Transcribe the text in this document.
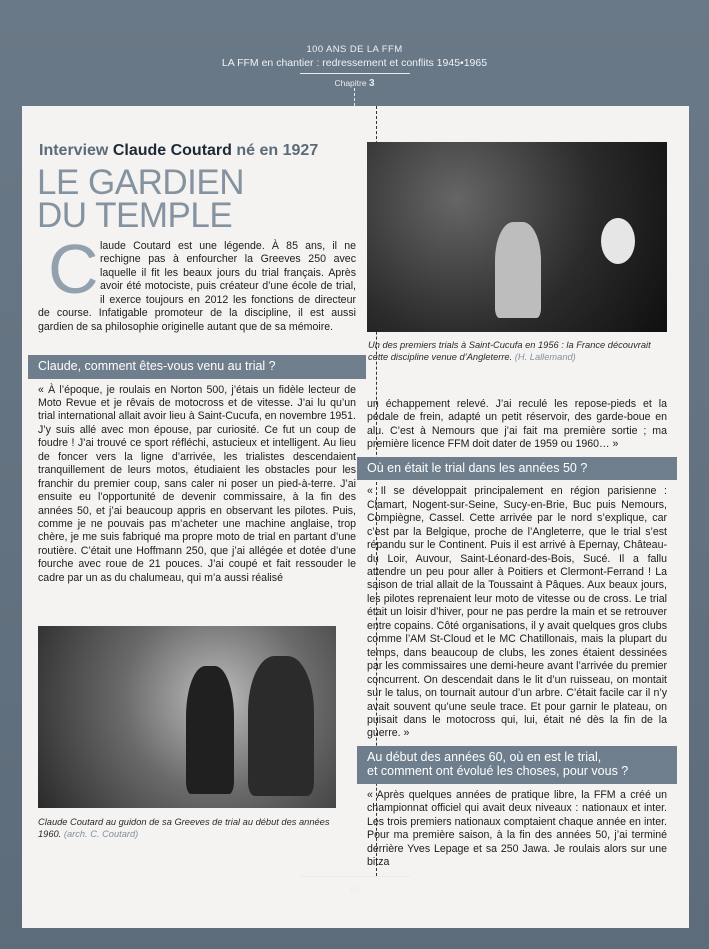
100 ANS DE LA FFM
LA FFM en chantier : redressement et conflits 1945•1965
Chapitre 3
Interview Claude Coutard né en 1927
LE GARDIEN
DU TEMPLE
C laude Coutard est une légende. À 85 ans, il ne rechigne pas à enfourcher la Greeves 250 avec laquelle il fit les beaux jours du trial français. Après avoir été motociste, puis créateur d’une école de trial, il exerce toujours en 2012 les fonctions de directeur de course. Infatigable promoteur de la discipline, il est aussi gardien de sa philosophie originelle autant que de sa mémoire.
Claude, comment êtes-vous venu au trial ?
« À l’époque, je roulais en Norton 500, j’étais un fidèle lecteur de Moto Revue et je rêvais de motocross et de vitesse. J’ai lu qu’un trial international allait avoir lieu à Saint-Cucufa, en novembre 1951. J’y suis allé avec mon épouse, par curiosité. Ce fut un coup de foudre ! J’ai trouvé ce sport réfléchi, astucieux et intelligent. Au lieu de foncer vers la ligne d’arrivée, les trialistes descendaient tranquillement de leurs motos, étudiaient les obstacles pour les franchir du premier coup, sans caler ni poser un pied-à-terre. J’ai ensuite eu l’opportunité de devenir commissaire, à la fin des années 50, et j’ai beaucoup appris en observant les pilotes. Puis, comme je ne pouvais pas m’acheter une machine anglaise, trop chère, je me suis fabriqué ma propre moto de trial en partant d’une routière. C’était une Hoffmann 250, que j’ai allégée et dotée d’une fourche avec roue de 21 pouces. J’ai coupé et fait ressouder le cadre par un as du chalumeau, qui m’a aussi réalisé
Un des premiers trials à Saint-Cucufa en 1956 : la France découvrait cette discipline venue d’Angleterre. (H. Lallemand)
Claude Coutard au guidon de sa Greeves de trial au début des années 1960. (arch. C. Coutard)
un échappement relevé. J’ai reculé les repose-pieds et la pédale de frein, adapté un petit réservoir, des garde-boue en alu. C’est à Nemours que j’ai fait ma première sortie ; ma première licence FFM doit dater de 1959 ou 1960… »
Où en était le trial dans les années 50 ?
« Il se développait principalement en région parisienne : Clamart, Nogent-sur-Seine, Sucy-en-Brie, Buc puis Nemours, Compiègne, Cassel. Cette arrivée par le nord s’explique, car c’est par la Belgique, proche de l’Angleterre, que le trial s’est répandu sur le Continent. Puis il est arrivé à Epernay, Château-du Loir, Auvour, Saint-Léonard-des-Bois, Sucé. Il a fallu attendre un peu pour aller à Poitiers et Clermont-Ferrand ! La saison de trial allait de la Toussaint à Pâques. Aux beaux jours, les pilotes reprenaient leur moto de vitesse ou de cross. Le trial était un loisir d’hiver, pour ne pas perdre la main et se retrouver entre copains. Côté organisations, il y avait quelques gros clubs comme l’AM St-Cloud et le MC Chatillonais, mais la plupart du temps, dans beaucoup de clubs, les zones étaient dessinées par les commissaires une demi-heure avant l’arrivée du premier concurrent. On descendait dans le lit d’un ruisseau, on montait sur le talus, on tournait autour d’un arbre. C’était facile car il n’y avait souvent qu’une seule trace. Et pour garnir le plateau, on puisait dans le motocross qui, lui, était né dès la fin de la guerre. »
Au début des années 60, où en est le trial,
et comment ont évolué les choses, pour vous ?
« Après quelques années de pratique libre, la FFM a créé un championnat officiel qui avait deux niveaux : nationaux et inter. Les trois premiers nationaux comptaient chaque année en inter. Pour ma première saison, à la fin des années 50, j’ai terminé derrière Yves Lepage et sa 250 Jawa. Je roulais alors sur une bitza
69
